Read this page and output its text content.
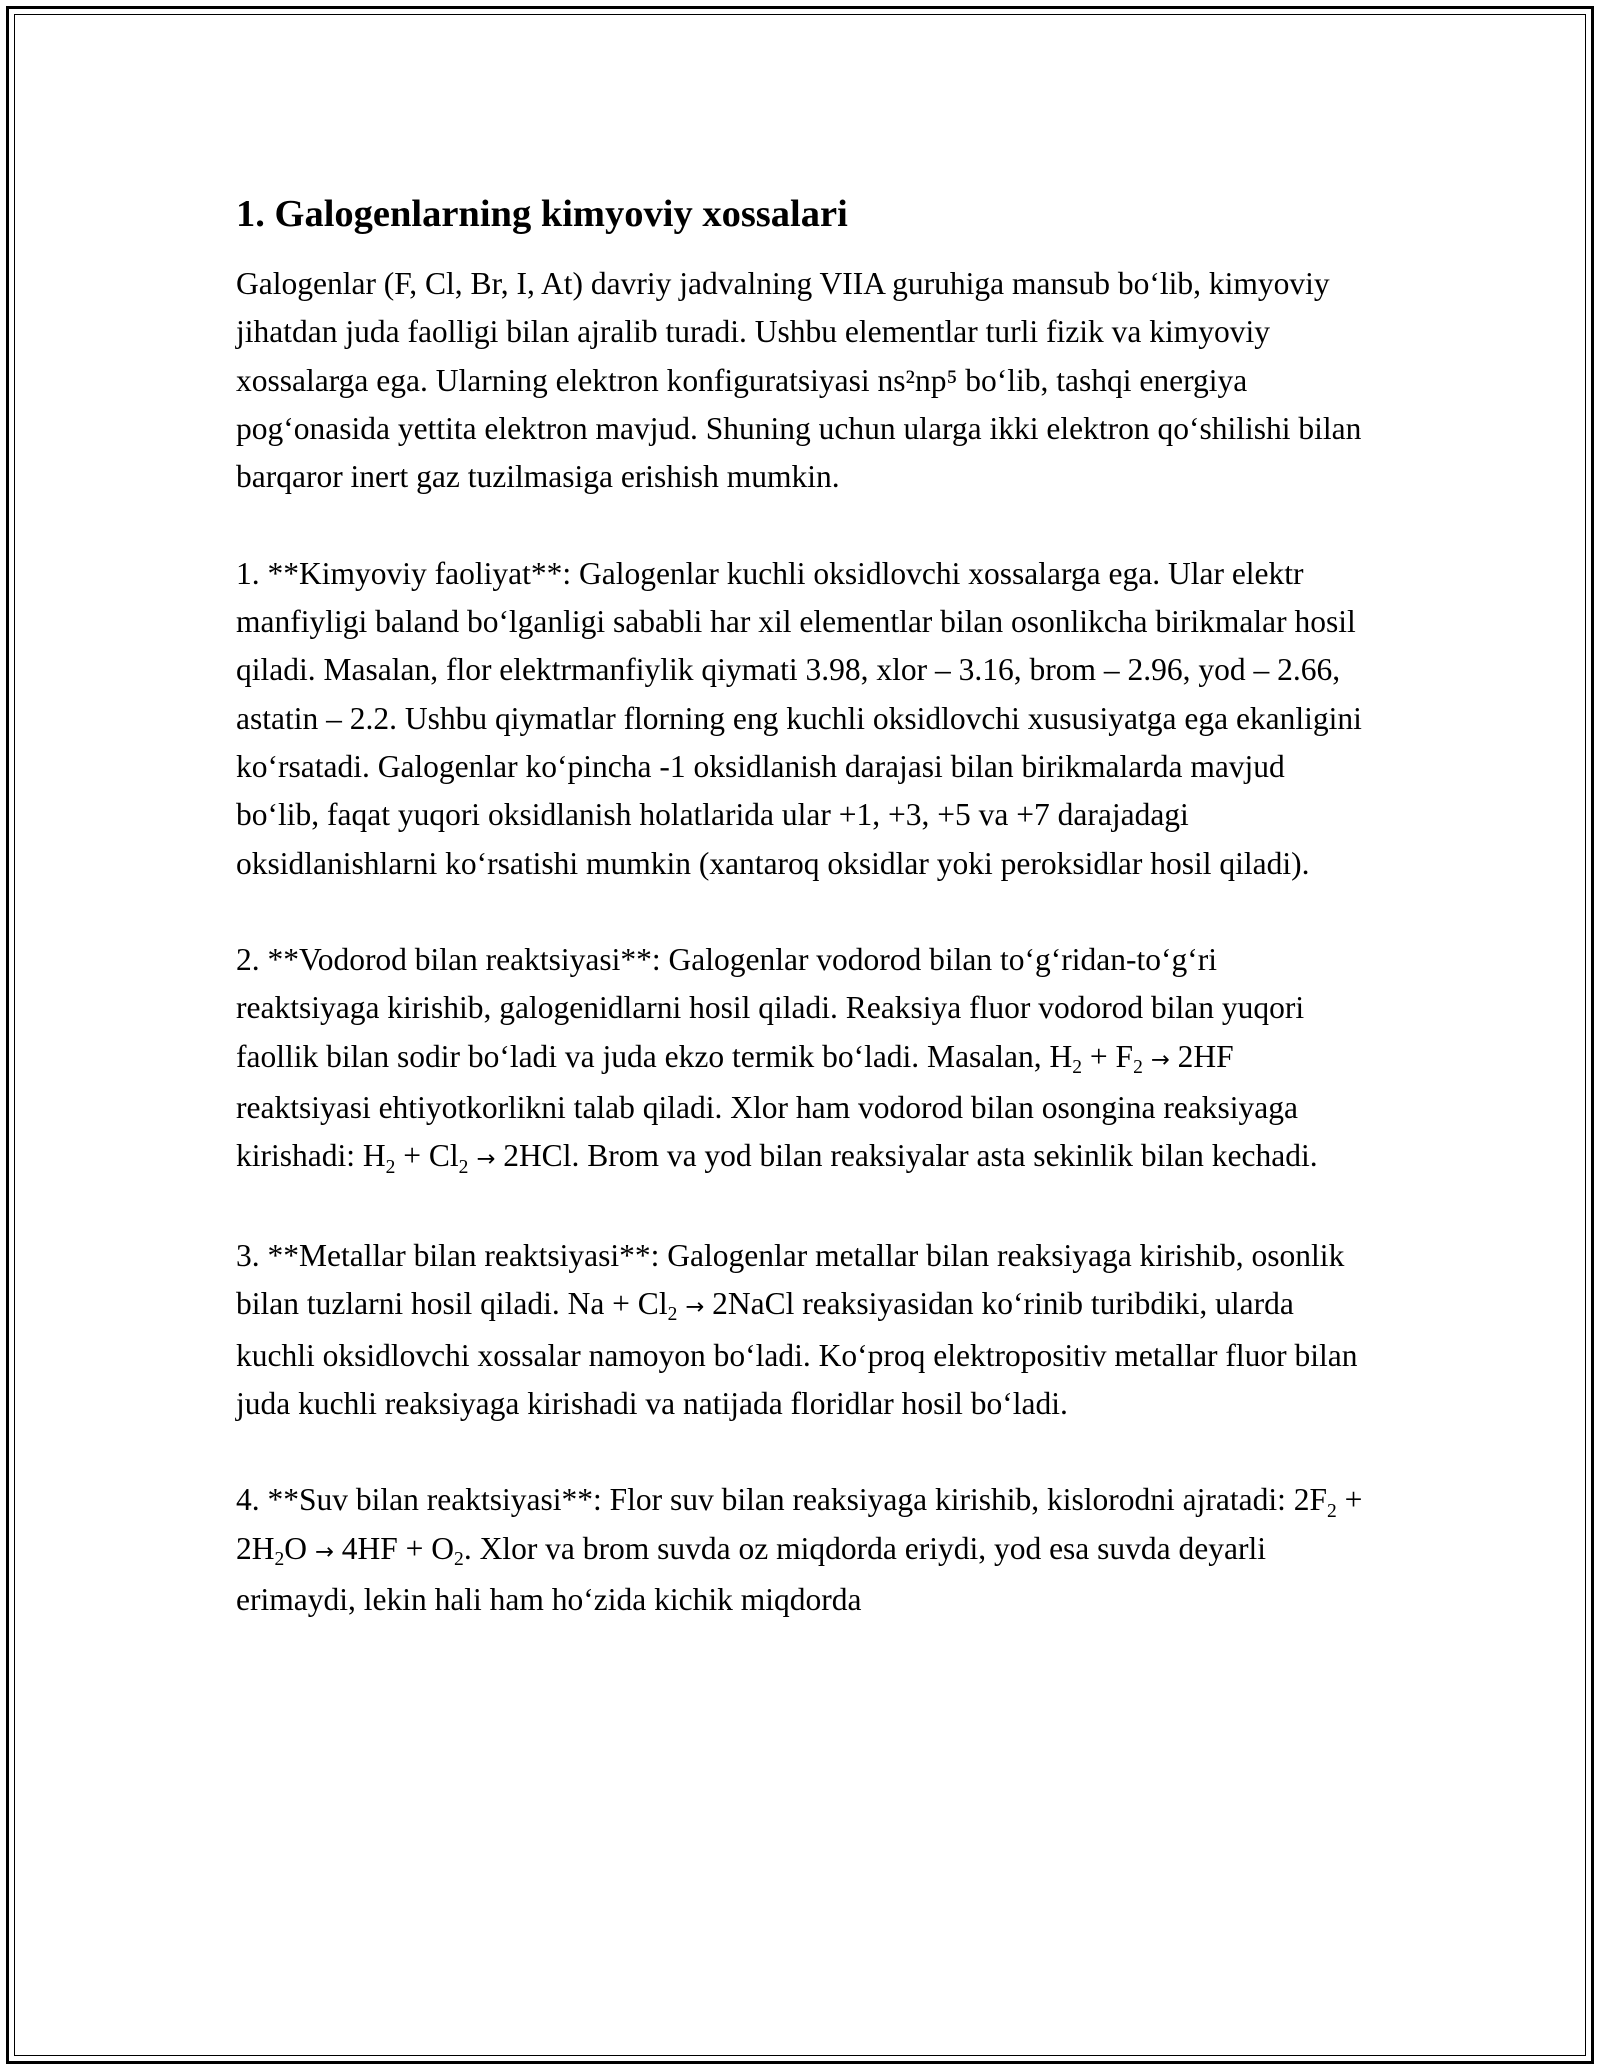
1. Galogenlarning kimyoviy xossalari

Galogenlar (F, Cl, Br, I, At) davriy jadvalning VIIA guruhiga mansub bo‘lib, kimyoviy jihatdan juda faolligi bilan ajralib turadi. Ushbu elementlar turli fizik va kimyoviy xossalarga ega. Ularning elektron konfiguratsiyasi ns²np⁵ bo‘lib, tashqi energiya pog‘onasida yettita elektron mavjud. Shuning uchun ularga ikki elektron qo‘shilishi bilan barqaror inert gaz tuzilmasiga erishish mumkin.

1. **Kimyoviy faoliyat**: Galogenlar kuchli oksidlovchi xossalarga ega. Ular elektr manfiyligi baland bo‘lganligi sababli har xil elementlar bilan osonlikcha birikmalar hosil qiladi. Masalan, flor elektrmanfiylik qiymati 3.98, xlor – 3.16, brom – 2.96, yod – 2.66, astatin – 2.2. Ushbu qiymatlar florning eng kuchli oksidlovchi xususiyatga ega ekanligini ko‘rsatadi. Galogenlar ko‘pincha -1 oksidlanish darajasi bilan birikmalarda mavjud bo‘lib, faqat yuqori oksidlanish holatlarida ular +1, +3, +5 va +7 darajadagi oksidlanishlarni ko‘rsatishi mumkin (xantaroq oksidlar yoki peroksidlar hosil qiladi).

2. **Vodorod bilan reaktsiyasi**: Galogenlar vodorod bilan to‘g‘ridan-to‘g‘ri reaktsiyaga kirishib, galogenidlarni hosil qiladi. Reaksiya fluor vodorod bilan yuqori faollik bilan sodir bo‘ladi va juda ekzo termik bo‘ladi. Masalan, $H_2 + F_2 \to 2HF$ reaktsiyasi ehtiyotkorlikni talab qiladi. Xlor ham vodorod bilan osongina reaksiyaga kirishadi: $H_2 + Cl_2 \to 2HCl$. Brom va yod bilan reaksiyalar asta sekinlik bilan kechadi.

3. **Metallar bilan reaktsiyasi**: Galogenlar metallar bilan reaksiyaga kirishib, osonlik bilan tuzlarni hosil qiladi. $Na + Cl_2$ → 2NaCl reaksiyasidan ko‘rinib turibdiki, ularda kuchli oksidlovchi xossalar namoyon bo‘ladi. Ko‘proq elektropositiv metallar fluor bilan juda kuchli reaksiyaga kirishadi va natijada floridlar hosil bo‘ladi.

4. **Suv bilan reaktsiyasi**: Flor suv bilan reaksiyaga kirishib, kislorodni ajratadi: $2F_2 + 2H_2O \to 4HF + O_2$. Xlor va brom suvda oz miqdorda eriydi, yod esa suvda deyarli erimaydi, lekin hali ham ho‘zida kichik miqdorda
